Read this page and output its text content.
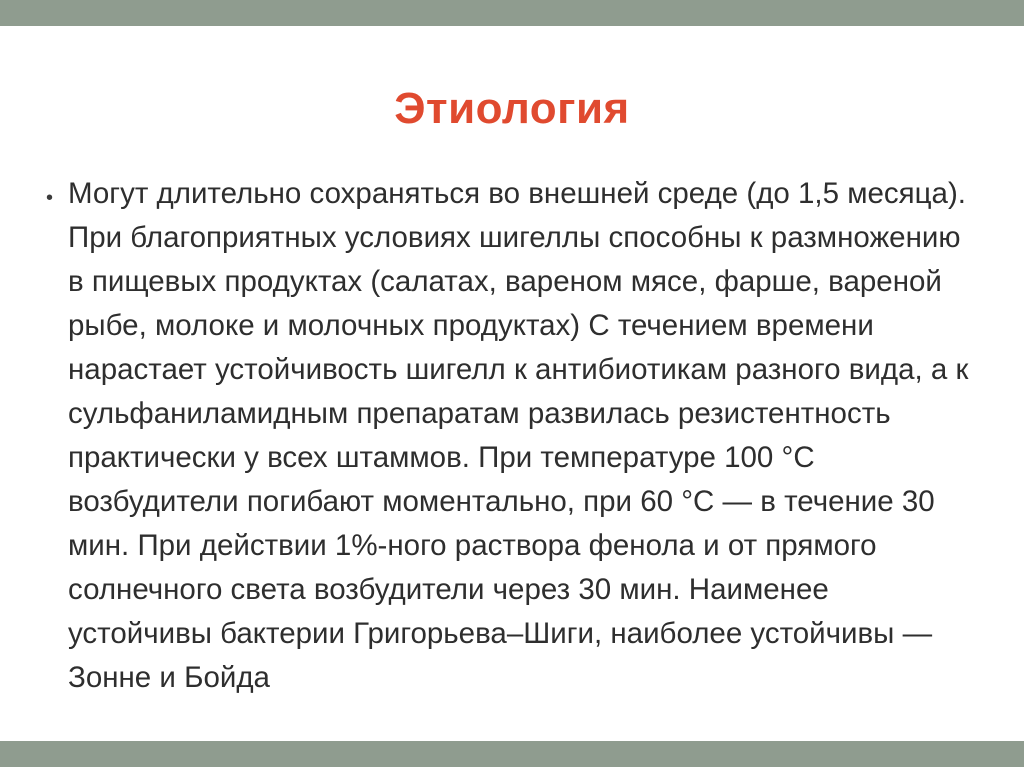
Этиология
• Могут длительно сохраняться во внешней среде (до 1,5 месяца). При благоприятных условиях шигеллы способны к размножению в пищевых продуктах (салатах, вареном мясе, фарше, вареной рыбе, молоке и молочных продуктах) С течением времени нарастает устойчивость шигелл к антибиотикам разного вида, а к сульфаниламидным препаратам развилась резистентность практически у всех штаммов. При температуре 100 °C возбудители погибают моментально, при 60 °C — в течение 30 мин. При действии 1%-ного раствора фенола и от прямого солнечного света возбудители через 30 мин. Наименее устойчивы бактерии Григорьева–Шиги, наиболее устойчивы — Зонне и Бойда
